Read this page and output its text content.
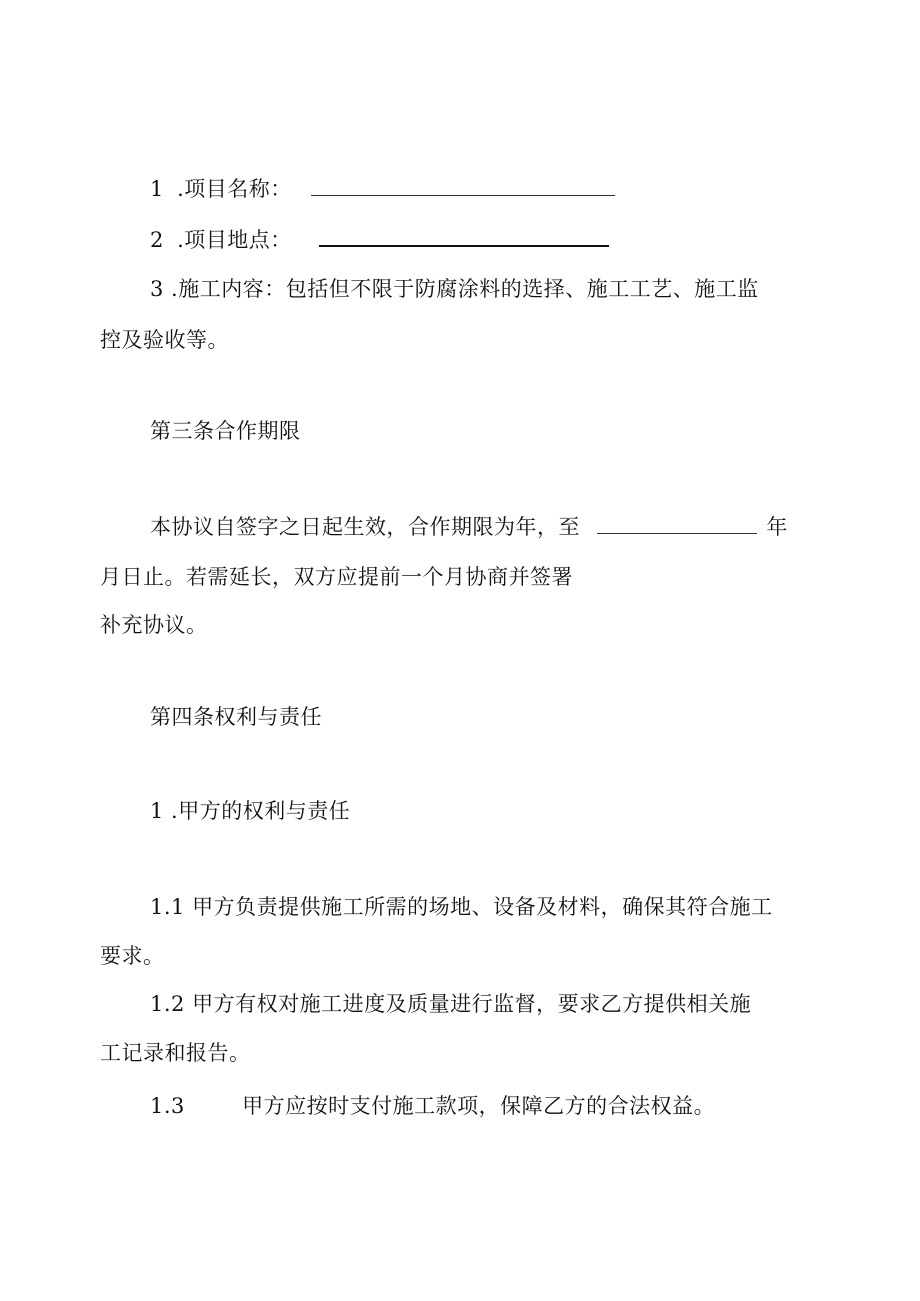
1 .项目名称：
2 .项目地点：
3 .施工内容：包括但不限于防腐涂料的选择、施工工艺、施工监
控及验收等。
第三条合作期限
本协议自签字之日起生效，合作期限为年，至	年
月日止。若需延长，双方应提前一个月协商并签署
补充协议。
第四条权利与责任
1 .甲方的权利与责任
1.1 甲方负责提供施工所需的场地、设备及材料，确保其符合施工
要求。
1.2 甲方有权对施工进度及质量进行监督，要求乙方提供相关施
工记录和报告。
1.3	甲方应按时支付施工款项，保障乙方的合法权益。
